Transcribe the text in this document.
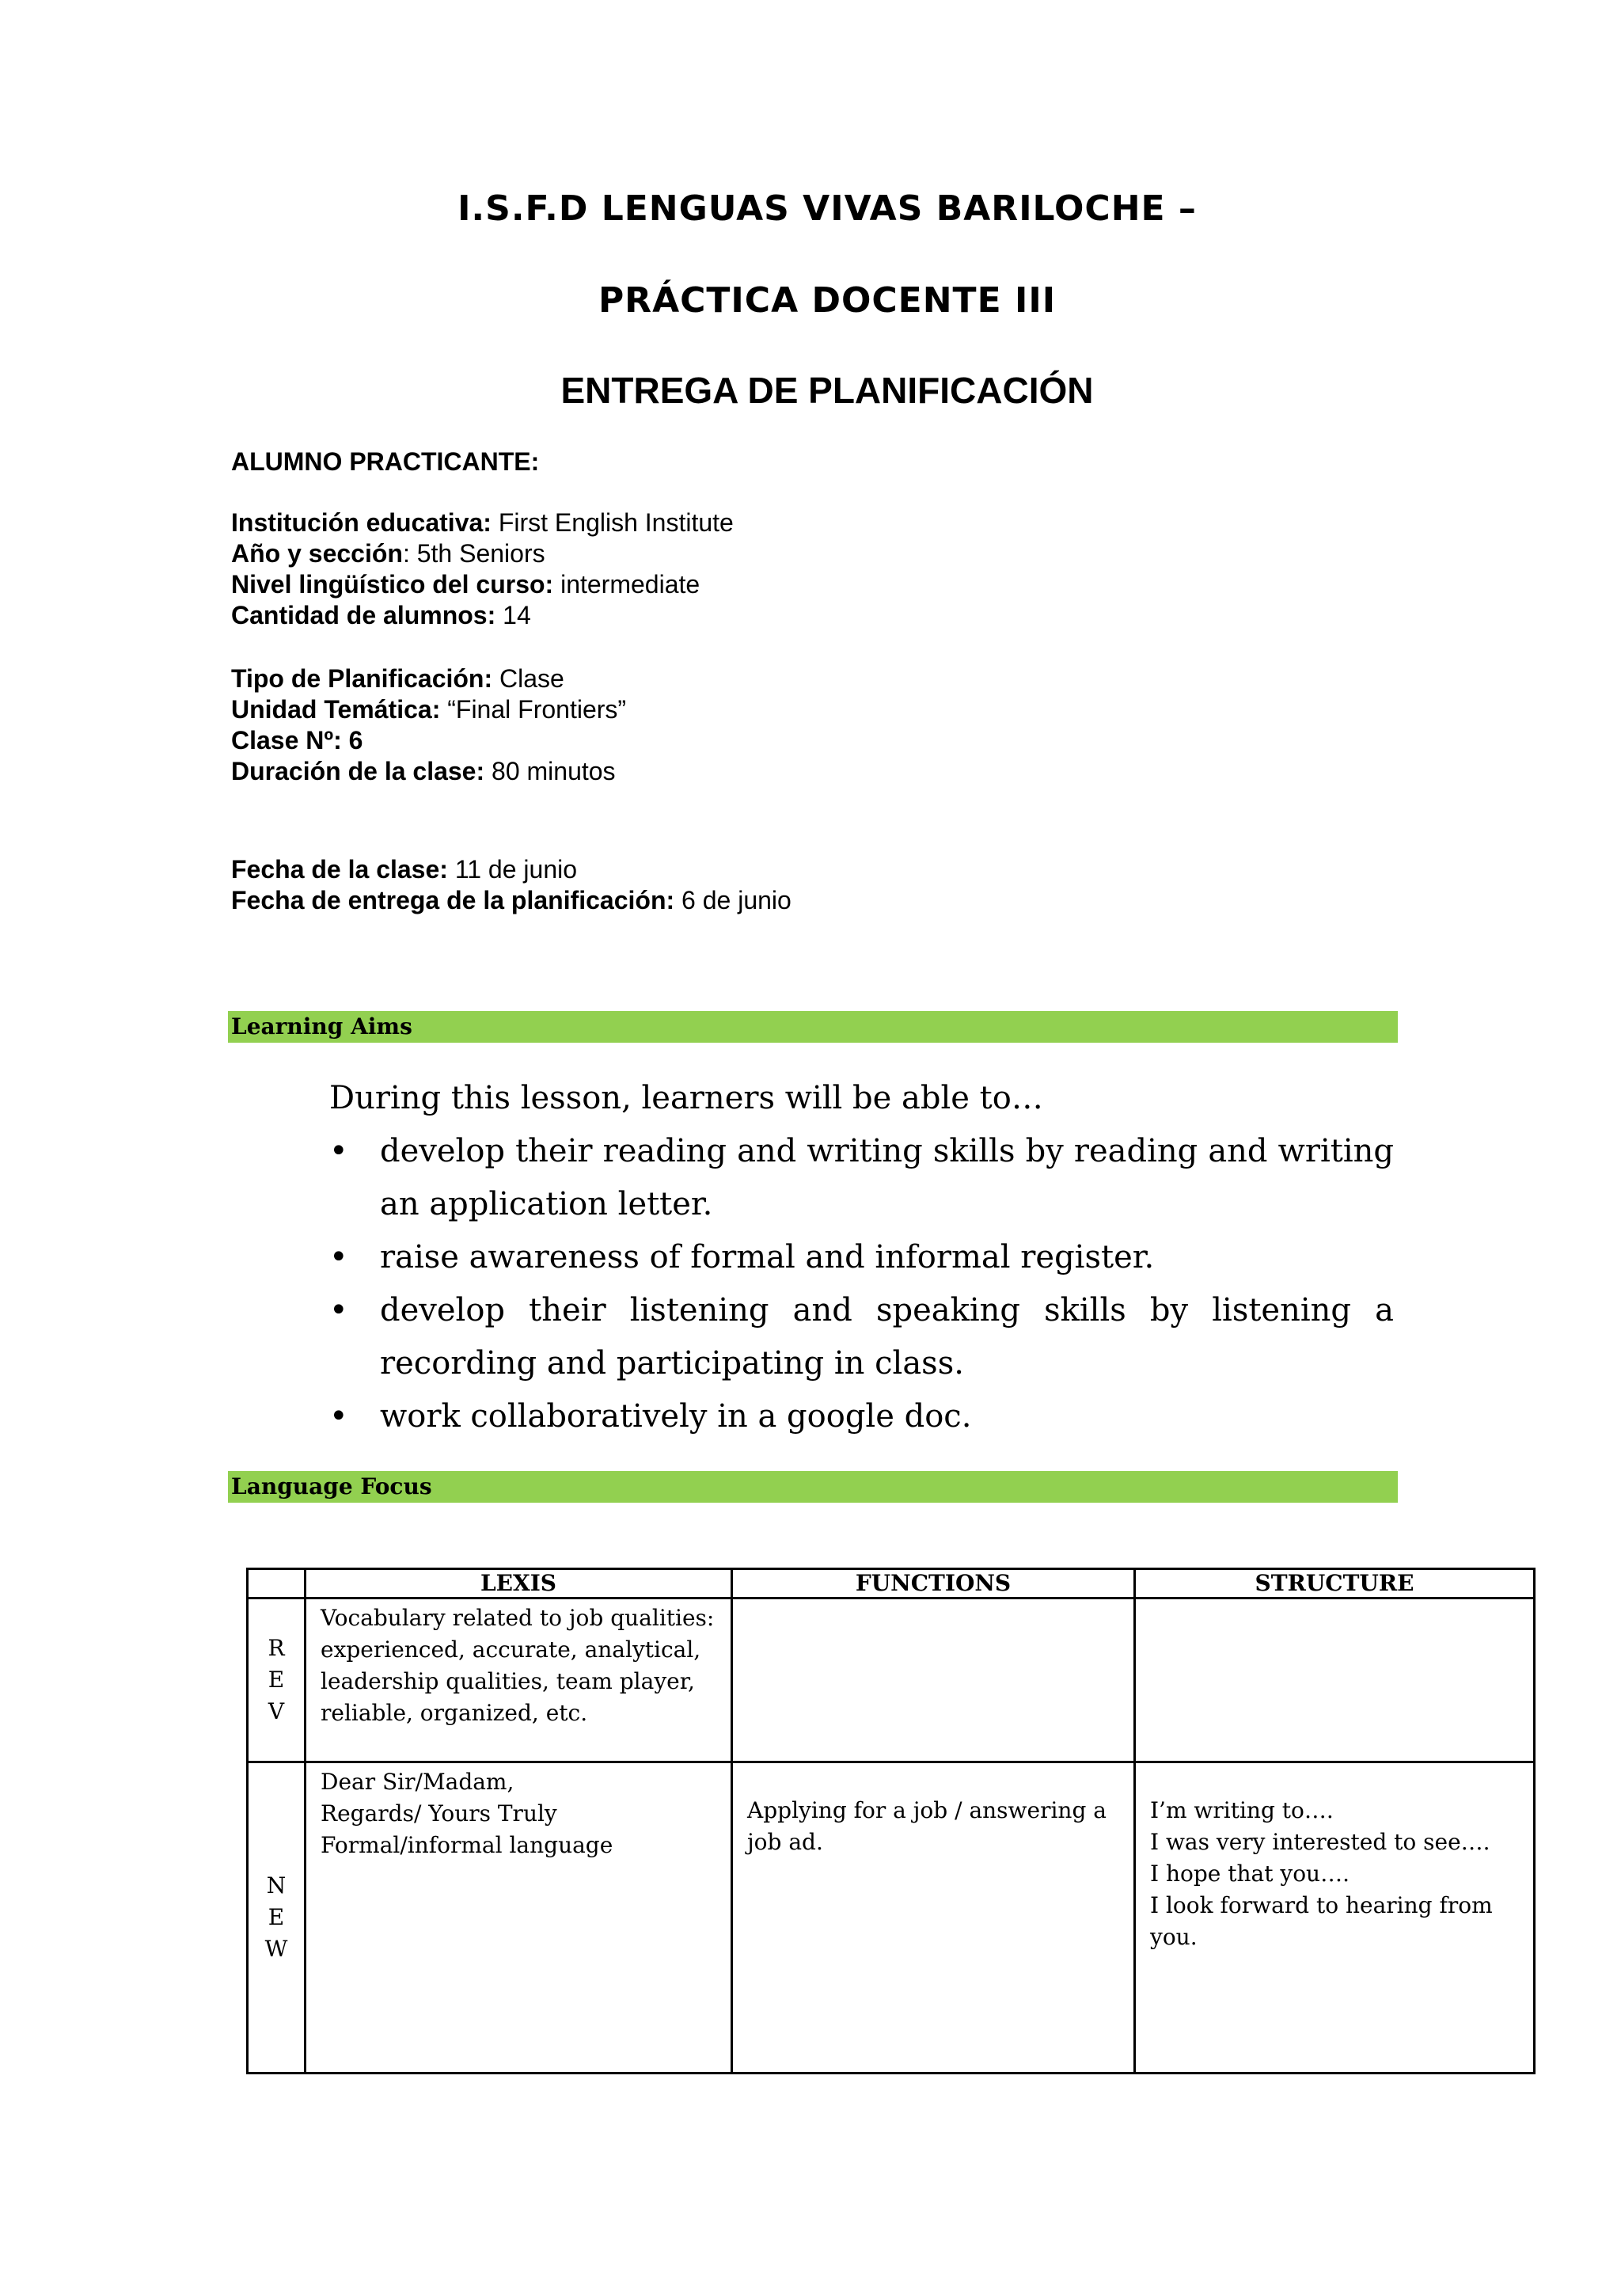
I.S.F.D LENGUAS VIVAS BARILOCHE –
PRÁCTICA DOCENTE III
ENTREGA DE PLANIFICACIÓN
ALUMNO PRACTICANTE:
Institución educativa: First English Institute
Año y sección: 5th Seniors
Nivel lingüístico del curso: intermediate
Cantidad de alumnos: 14
Tipo de Planificación: Clase
Unidad Temática: “Final Frontiers”
Clase Nº: 6
Duración de la clase: 80 minutos
Fecha de la clase: 11 de junio
Fecha de entrega de la planificación: 6 de junio
Learning Aims

During this lesson, learners will be able to…

• develop their reading and writing skills by reading and writing an application letter.
• raise awareness of formal and informal register.
• develop their listening and speaking skills by listening a recording and participating in class.
• work collaboratively in a google doc.
Language Focus
	LEXIS	FUNCTIONS	STRUCTURE

R
E
V	Vocabulary related to job qualities: experienced, accurate, analytical, leadership qualities, team player, reliable, organized, etc.		

N
E
W	Dear Sir/Madam,
Regards/ Yours Truly
Formal/informal language	Applying for a job / answering a job ad.	I’m writing to….
I was very interested to see….
I hope that you….
I look forward to hearing from you.
